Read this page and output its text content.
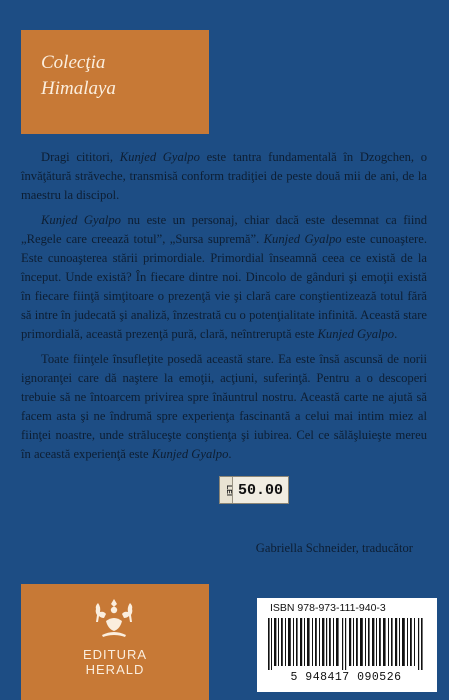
Colecţia
Himalaya

Dragi cititori, Kunjed Gyalpo este tantra fundamentală în Dzogchen, o învăţătură străveche, transmisă conform tradiţiei de peste două mii de ani, de la maestru la discipol.

Kunjed Gyalpo nu este un personaj, chiar dacă este desemnat ca fiind „Regele care creează totul”, „Sursa supremă”. Kunjed Gyalpo este cunoaştere. Este cunoaşterea stării primordiale. Primordial înseamnă ceea ce există de la început. Unde există? În fiecare dintre noi. Dincolo de gânduri şi emoţii există în fiecare fiinţă simţitoare o prezenţă vie şi clară care conştientizează totul fără să intre în judecată şi analiză, înzestrată cu o potenţialitate infinită. Această stare primordială, această prezenţă pură, clară, neîntreruptă este Kunjed Gyalpo.

Toate fiinţele însufleţite posedă această stare. Ea este însă ascunsă de norii ignoranţei care dă naştere la emoţii, acţiuni, suferinţă. Pentru a o descoperi trebuie să ne întoarcem privirea spre înăuntrul nostru. Această carte ne ajută să facem asta şi ne îndrumă spre experienţa fascinantă a celui mai intim miez al fiinţei noastre, unde străluceşte conştienţa şi iubirea. Cel ce sălăşluieşte mereu în această experienţă este Kunjed Gyalpo.

Gabriella Schneider, traducător
LEI 50.00
EDITURA
HERALD
ISBN 978-973-111-940-3
5 948417 090526
